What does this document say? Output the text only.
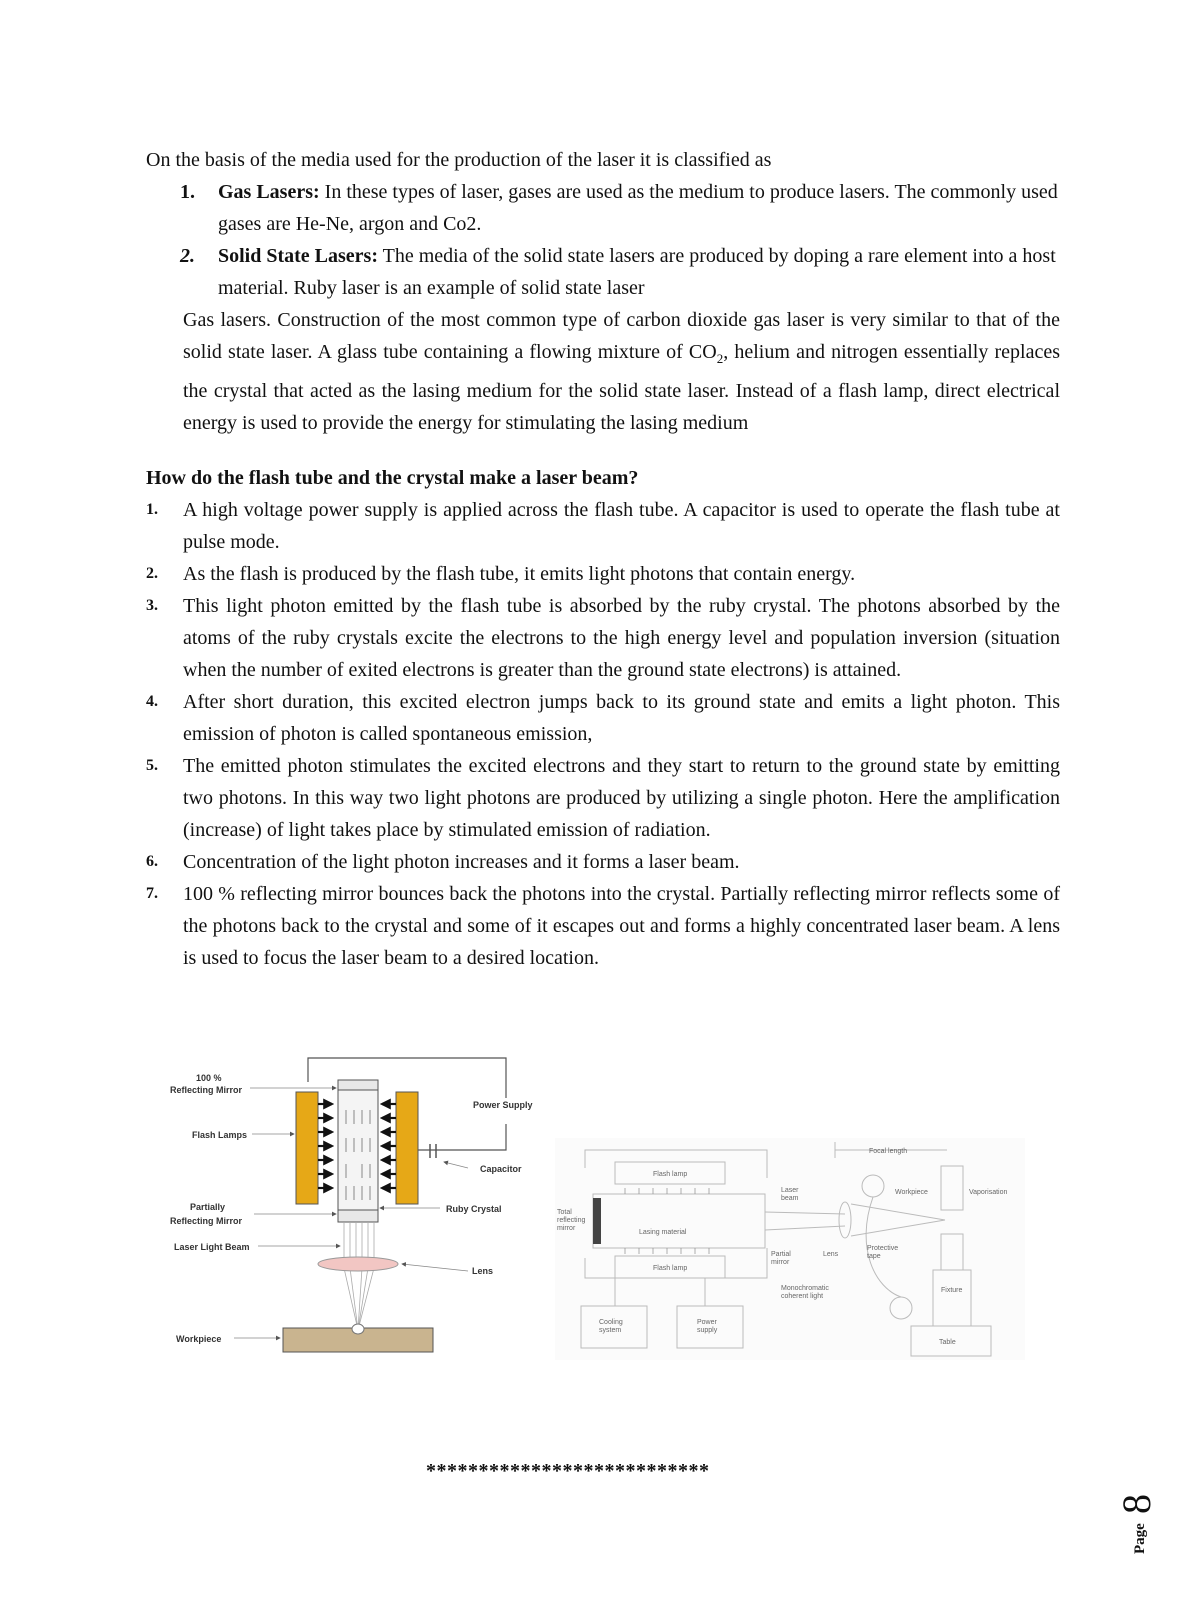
On the basis of the media used for the production of the laser it is classified as
1. Gas Lasers: In these types of laser, gases are used as the medium to produce lasers. The commonly used gases are He-Ne, argon and Co2.
2. Solid State Lasers: The media of the solid state lasers are produced by doping a rare element into a host material. Ruby laser is an example of solid state laser
Gas lasers. Construction of the most common type of carbon dioxide gas laser is very similar to that of the solid state laser. A glass tube containing a flowing mixture of $CO_2$, helium and nitrogen essentially replaces the crystal that acted as the lasing medium for the solid state laser. Instead of a flash lamp, direct electrical energy is used to provide the energy for stimulating the lasing medium
How do the flash tube and the crystal make a laser beam?
1. A high voltage power supply is applied across the flash tube. A capacitor is used to operate the flash tube at pulse mode.
2. As the flash is produced by the flash tube, it emits light photons that contain energy.
3. This light photon emitted by the flash tube is absorbed by the ruby crystal. The photons absorbed by the atoms of the ruby crystals excite the electrons to the high energy level and population inversion (situation when the number of exited electrons is greater than the ground state electrons) is attained.
4. After short duration, this excited electron jumps back to its ground state and emits a light photon. This emission of photon is called spontaneous emission,
5. The emitted photon stimulates the excited electrons and they start to return to the ground state by emitting two photons. In this way two light photons are produced by utilizing a single photon. Here the amplification (increase) of light takes place by stimulated emission of radiation.
6. Concentration of the light photon increases and it forms a laser beam.
7. 100 % reflecting mirror bounces back the photons into the crystal. Partially reflecting mirror reflects some of the photons back to the crystal and some of it escapes out and forms a highly concentrated laser beam. A lens is used to focus the laser beam to a desired location.
100 %
Reflecting Mirror
Flash Lamps
Power Supply
Capacitor
Partially
Reflecting Mirror
Ruby Crystal
Laser Light Beam
Lens
Workpiece
Focal length
Flash lamp
Flash lamp
Lasing material
Total
reflecting
mirror
Laser
beam
Partial
mirror
Lens
Protective
tape
Workpiece	Vaporisation
Monochromatic
coherent light
Fixture
Table
Cooling
system
Power
supply
***************************
Page
8
